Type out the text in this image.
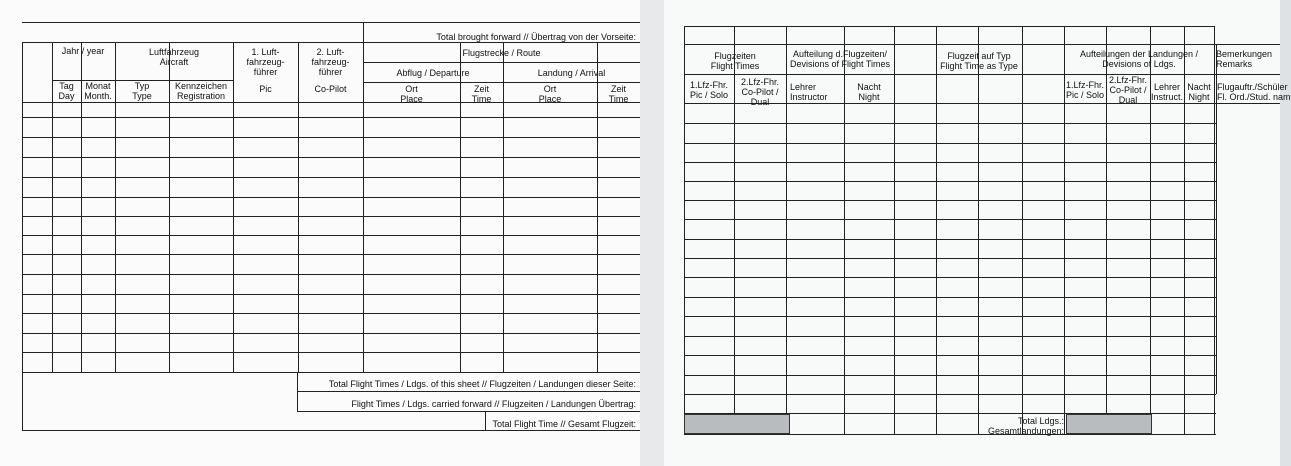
Total brought forward // Übertrag von der Vorseite:
Jahr / year	Luftfahrzeug
Aircraft
1. Luft-
fahrzeug-
führer
Pic
2. Luft-
fahrzeug-
führer
Co-Pilot
Flugstrecke / Route
Abflug / Departure	Landung / Arrival
Tag
Day
Monat
Month.
Typ
Type
Kennzeichen
Registration
Ort
Place
Zeit
Time
Ort
Place
Zeit
Time
Total Flight Times / Ldgs. of this sheet // Flugzeiten / Landungen dieser Seite:
Flight Times / Ldgs. carried forward // Flugzeiten / Landungen Übertrag:
Total Flight Time // Gesamt Flugzeit:
Flugzeiten
Flight Times
Aufteilung d.Flugzeiten/
Devisions of Flight Times
Flugzeit auf Typ
Flight Time as Type
Aufteilungen der Landungen /
Devisions of Ldgs.
Bemerkungen
Remarks
1.Lfz-Fhr.
Pic / Solo
2.Lfz-Fhr.
Co-Pilot /
Dual
Lehrer
Instructor
Nacht
Night
1.Lfz-Fhr.
Pic / Solo
2.Lfz-Fhr.
Co-Pilot /
Dual
Lehrer
Instruct.
Nacht
Night
Flugauftr./Schüler
Fl. Ord./Stud. nam
Total Ldgs.:
Gesamtlandungen:
